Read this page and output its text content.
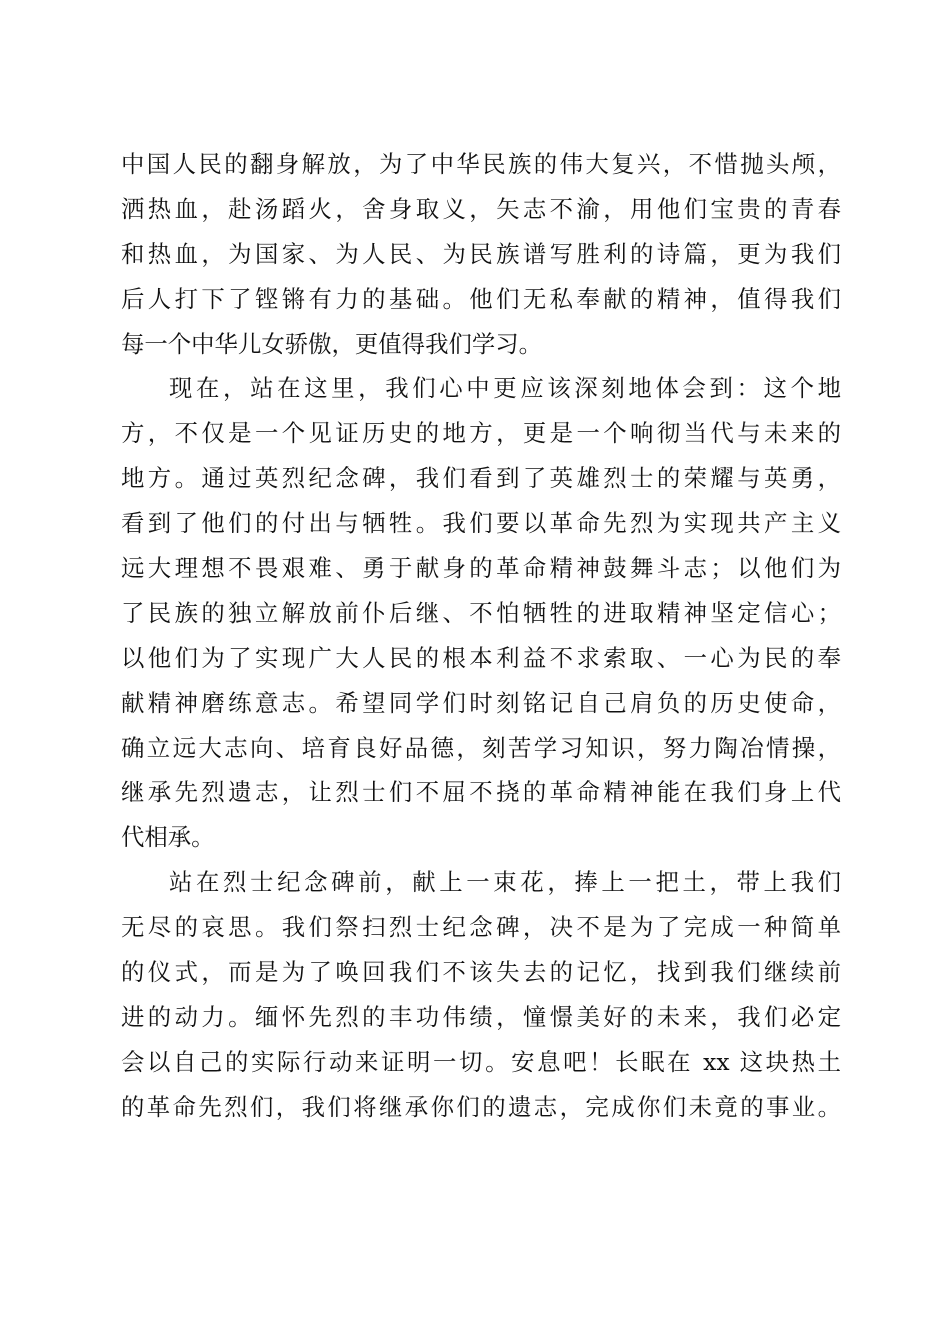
中国人民的翻身解放，为了中华民族的伟大复兴，不惜抛头颅，
洒热血，赴汤蹈火，舍身取义，矢志不渝，用他们宝贵的青春
和热血，为国家、为人民、为民族谱写胜利的诗篇，更为我们
后人打下了铿锵有力的基础。他们无私奉献的精神，值得我们
每一个中华儿女骄傲，更值得我们学习。
现在，站在这里，我们心中更应该深刻地体会到：这个地
方，不仅是一个见证历史的地方，更是一个响彻当代与未来的
地方。通过英烈纪念碑，我们看到了英雄烈士的荣耀与英勇，
看到了他们的付出与牺牲。我们要以革命先烈为实现共产主义
远大理想不畏艰难、勇于献身的革命精神鼓舞斗志；以他们为
了民族的独立解放前仆后继、不怕牺牲的进取精神坚定信心；
以他们为了实现广大人民的根本利益不求索取、一心为民的奉
献精神磨练意志。希望同学们时刻铭记自己肩负的历史使命，
确立远大志向、培育良好品德，刻苦学习知识，努力陶冶情操，
继承先烈遗志，让烈士们不屈不挠的革命精神能在我们身上代
代相承。
站在烈士纪念碑前，献上一束花，捧上一把土，带上我们
无尽的哀思。我们祭扫烈士纪念碑，决不是为了完成一种简单
的仪式，而是为了唤回我们不该失去的记忆，找到我们继续前
进的动力。缅怀先烈的丰功伟绩，憧憬美好的未来，我们必定
会以自己的实际行动来证明一切。安息吧！长眠在 xx 这块热土
的革命先烈们，我们将继承你们的遗志，完成你们未竟的事业。
